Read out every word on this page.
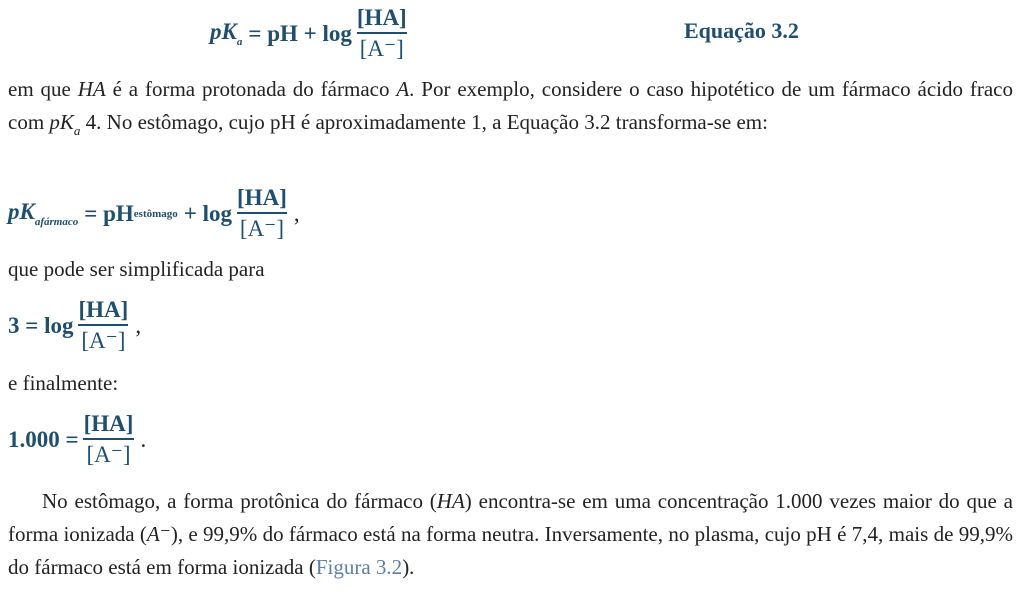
$pK_a$ = pH + $\log \frac{[HA]}{[A^-]}$	Equação 3.2
em que HA é a forma protonada do fármaco A. Por exemplo, considere o caso hipotético de um fármaco ácido fraco com $pK_a$ 4. No estômago, cujo pH é aproximadamente 1, a Equação 3.2 transforma-se em:
$pK_{afármaco}$ = pH estômago + $\log \frac{[HA]}{[A^-]}$ ,
que pode ser simplificada para
$3 = \log \frac{[HA]}{[A^-]}$ ,
e finalmente:
$1.000 = \frac{[HA]}{[A^-]}$ .
No estômago, a forma protônica do fármaco (HA) encontra-se em uma concentração 1.000 vezes maior do que a forma ionizada (A⁻), e 99,9% do fármaco está na forma neutra. Inversamente, no plasma, cujo pH é 7,4, mais de 99,9% do fármaco está em forma ionizada (Figura 3.2).
